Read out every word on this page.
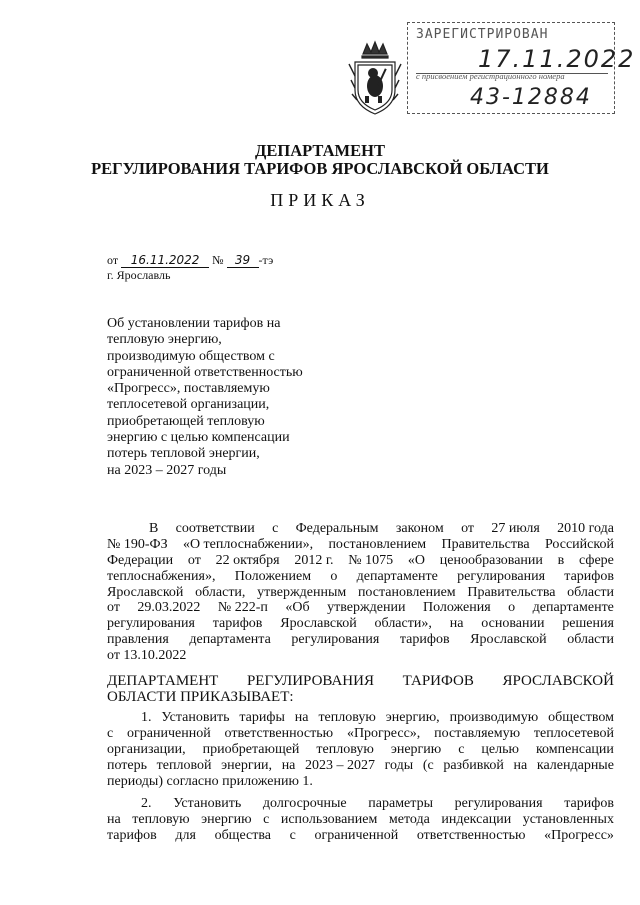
ЗАРЕГИСТРИРОВАН
17.11.2022
с присвоением регистрационного номера
43-12884
ДЕПАРТАМЕНТ
РЕГУЛИРОВАНИЯ ТАРИФОВ ЯРОСЛАВСКОЙ ОБЛАСТИ
ПРИКАЗ
от 16.11.2022 № 39 -тэ
г. Ярославль
Об установлении тарифов на
тепловую энергию,
производимую обществом с
ограниченной ответственностью
«Прогресс», поставляемую
теплосетевой организации,
приобретающей тепловую
энергию с целью компенсации
потерь тепловой энергии,
на 2023 – 2027 годы
В соответствии с Федеральным законом от 27 июля 2010 года
№ 190-ФЗ «О теплоснабжении», постановлением Правительства Российской
Федерации от 22 октября 2012 г. № 1075 «О ценообразовании в сфере
теплоснабжения», Положением о департаменте регулирования тарифов
Ярославской области, утвержденным постановлением Правительства области
от 29.03.2022 № 222-п «Об утверждении Положения о департаменте
регулирования тарифов Ярославской области», на основании решения
правления департамента регулирования тарифов Ярославской области
от 13.10.2022
ДЕПАРТАМЕНТ РЕГУЛИРОВАНИЯ ТАРИФОВ ЯРОСЛАВСКОЙ
ОБЛАСТИ ПРИКАЗЫВАЕТ:
1. Установить тарифы на тепловую энергию, производимую обществом
с ограниченной ответственностью «Прогресс», поставляемую теплосетевой
организации, приобретающей тепловую энергию с целью компенсации
потерь тепловой энергии, на 2023 – 2027 годы (с разбивкой на календарные
периоды) согласно приложению 1.
2. Установить долгосрочные параметры регулирования тарифов
на тепловую энергию с использованием метода индексации установленных
тарифов для общества с ограниченной ответственностью «Прогресс»
